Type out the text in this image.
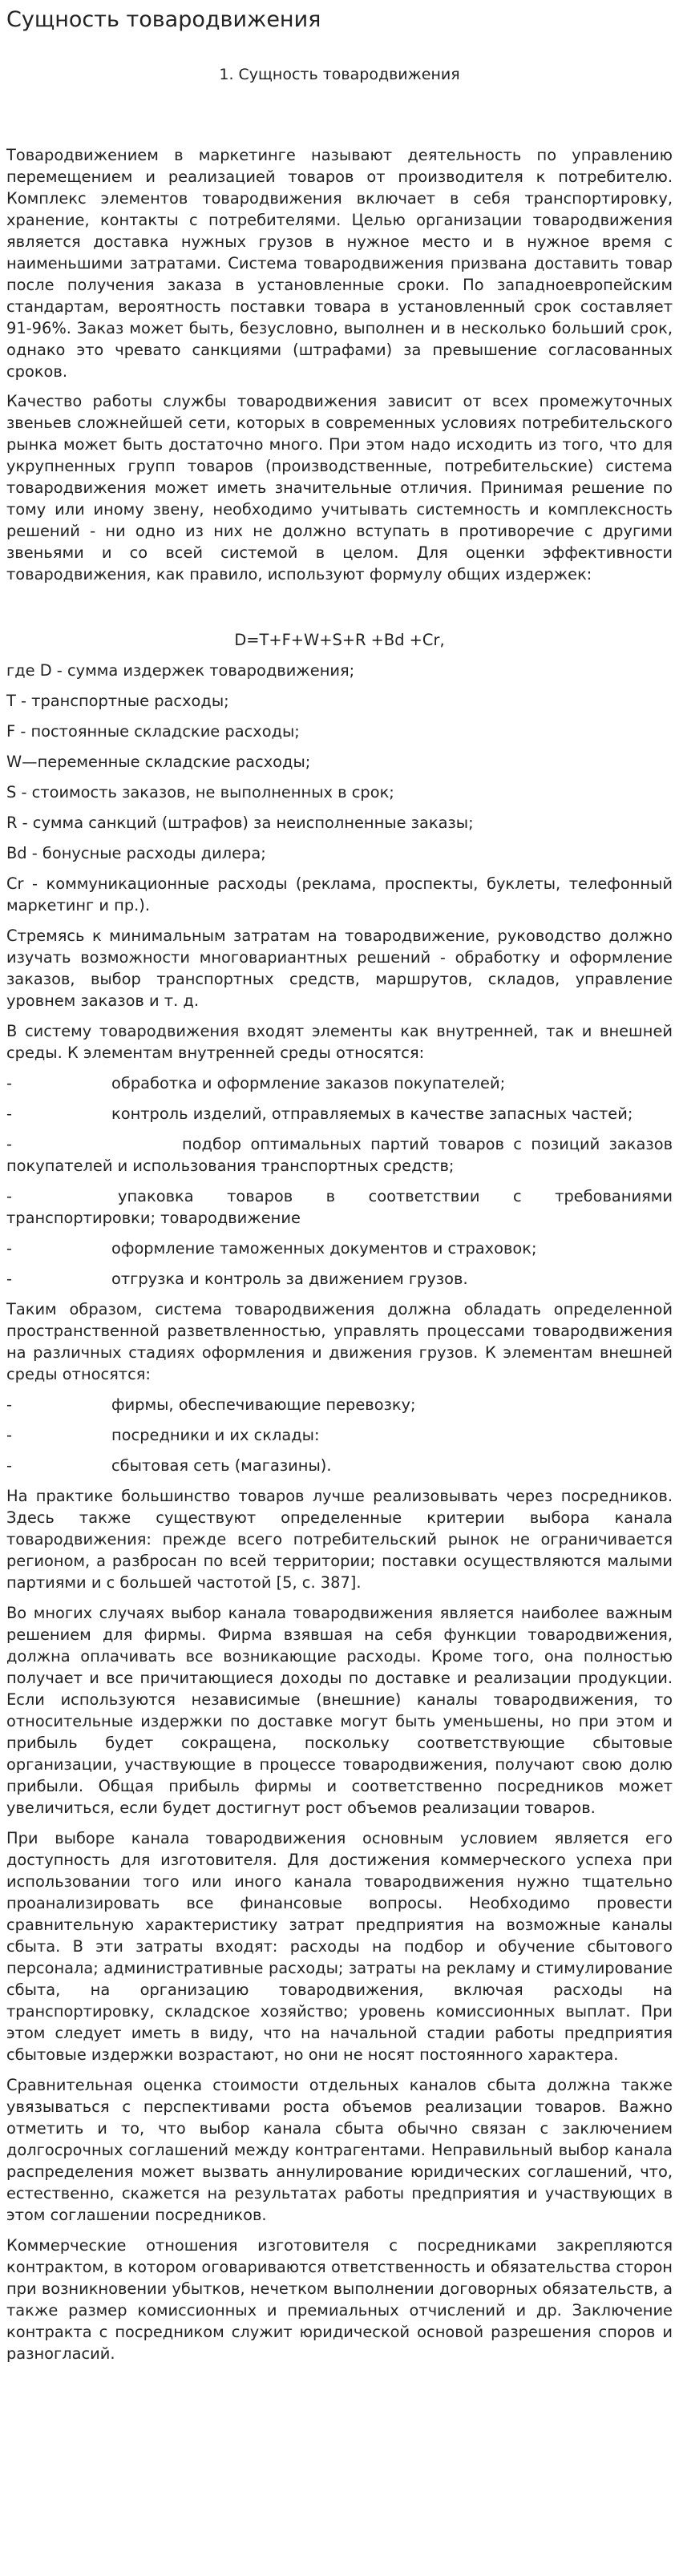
Сущность товародвижения
1. Сущность товародвижения

Товародвижением в маркетинге называют деятельность по управлению перемещением и реализацией товаров от производителя к потребителю. Комплекс элементов товародвижения включает в себя транспортировку, хранение, контакты с потребителями. Целью организации товародвижения является доставка нужных грузов в нужное место и в нужное время с наименьшими затратами. Система товародвижения призвана доставить товар после получения заказа в установленные сроки. По западноевропейским стандартам, вероятность поставки товара в установленный срок составляет 91-96%. Заказ может быть, безусловно, выполнен и в несколько больший срок, однако это чревато санкциями (штрафами) за превышение согласованных сроков.

Качество работы службы товародвижения зависит от всех промежуточных звеньев сложнейшей сети, которых в современных условиях потребительского рынка может быть достаточно много. При этом надо исходить из того, что для укрупненных групп товаров (производственные, потребительские) система товародвижения может иметь значительные отличия. Принимая решение по тому или иному звену, необходимо учитывать системность и комплексность решений - ни одно из них не должно вступать в противоречие с другими звеньями и со всей системой в целом. Для оценки эффективности товародвижения, как правило, используют формулу общих издержек:

D=T+F+W+S+R +Bd +Cr,

где D - сумма издержек товародвижения;

T - транспортные расходы;

F - постоянные складские расходы;

W—переменные складские расходы;

S - стоимость заказов, не выполненных в срок;

R - сумма санкций (штрафов) за неисполненные заказы;

Bd - бонусные расходы дилера;

Cr - коммуникационные расходы (реклама, проспекты, буклеты, телефонный маркетинг и пр.).

Стремясь к минимальным затратам на товародвижение, руководство должно изучать возможности многовариантных решений - обработку и оформление заказов, выбор транспортных средств, маршрутов, складов, управление уровнем заказов и т. д.

В систему товародвижения входят элементы как внутренней, так и внешней среды. К элементам внутренней среды относятся:

-	обработка и оформление заказов покупателей;
-	контроль изделий, отправляемых в качестве запасных частей;
-	подбор оптимальных партий товаров с позиций заказов покупателей и использования транспортных средств;
-	упаковка товаров в соответствии с требованиями транспортировки; товародвижение
-	оформление таможенных документов и страховок;
-	отгрузка и контроль за движением грузов.

Таким образом, система товародвижения должна обладать определенной пространственной разветвленностью, управлять процессами товародвижения на различных стадиях оформления и движения грузов. К элементам внешней среды относятся:

-	фирмы, обеспечивающие перевозку;
-	посредники и их склады:
-	сбытовая сеть (магазины).

На практике большинство товаров лучше реализовывать через посредников. Здесь также существуют определенные критерии выбора канала товародвижения: прежде всего потребительский рынок не ограничивается регионом, а разбросан по всей территории; поставки осуществляются малыми партиями и с большей частотой [5, с. 387].

Во многих случаях выбор канала товародвижения является наиболее важным решением для фирмы. Фирма взявшая на себя функции товародвижения, должна оплачивать все возникающие расходы. Кроме того, она полностью получает и все причитающиеся доходы по доставке и реализации продукции. Если используются независимые (внешние) каналы товародвижения, то относительные издержки по доставке могут быть уменьшены, но при этом и прибыль будет сокращена, поскольку соответствующие сбытовые организации, участвующие в процессе товародвижения, получают свою долю прибыли. Общая прибыль фирмы и соответственно посредников может увеличиться, если будет достигнут рост объемов реализации товаров.

При выборе канала товародвижения основным условием является его доступность для изготовителя. Для достижения коммерческого успеха при использовании того или иного канала товародвижения нужно тщательно проанализировать все финансовые вопросы. Необходимо провести сравнительную характеристику затрат предприятия на возможные каналы сбыта. В эти затраты входят: расходы на подбор и обучение сбытового персонала; административные расходы; затраты на рекламу и стимулирование сбыта, на организацию товародвижения, включая расходы на транспортировку, складское хозяйство; уровень комиссионных выплат. При этом следует иметь в виду, что на начальной стадии работы предприятия сбытовые издержки возрастают, но они не носят постоянного характера.

Сравнительная оценка стоимости отдельных каналов сбыта должна также увязываться с перспективами роста объемов реализации товаров. Важно отметить и то, что выбор канала сбыта обычно связан с заключением долгосрочных соглашений между контрагентами. Неправильный выбор канала распределения может вызвать аннулирование юридических соглашений, что, естественно, скажется на результатах работы предприятия и участвующих в этом соглашении посредников.

Коммерческие отношения изготовителя с посредниками закрепляются контрактом, в котором оговариваются ответственность и обязательства сторон при возникновении убытков, нечетком выполнении договорных обязательств, а также размер комиссионных и премиальных отчислений и др. Заключение контракта с посредником служит юридической основой разрешения споров и разногласий.
